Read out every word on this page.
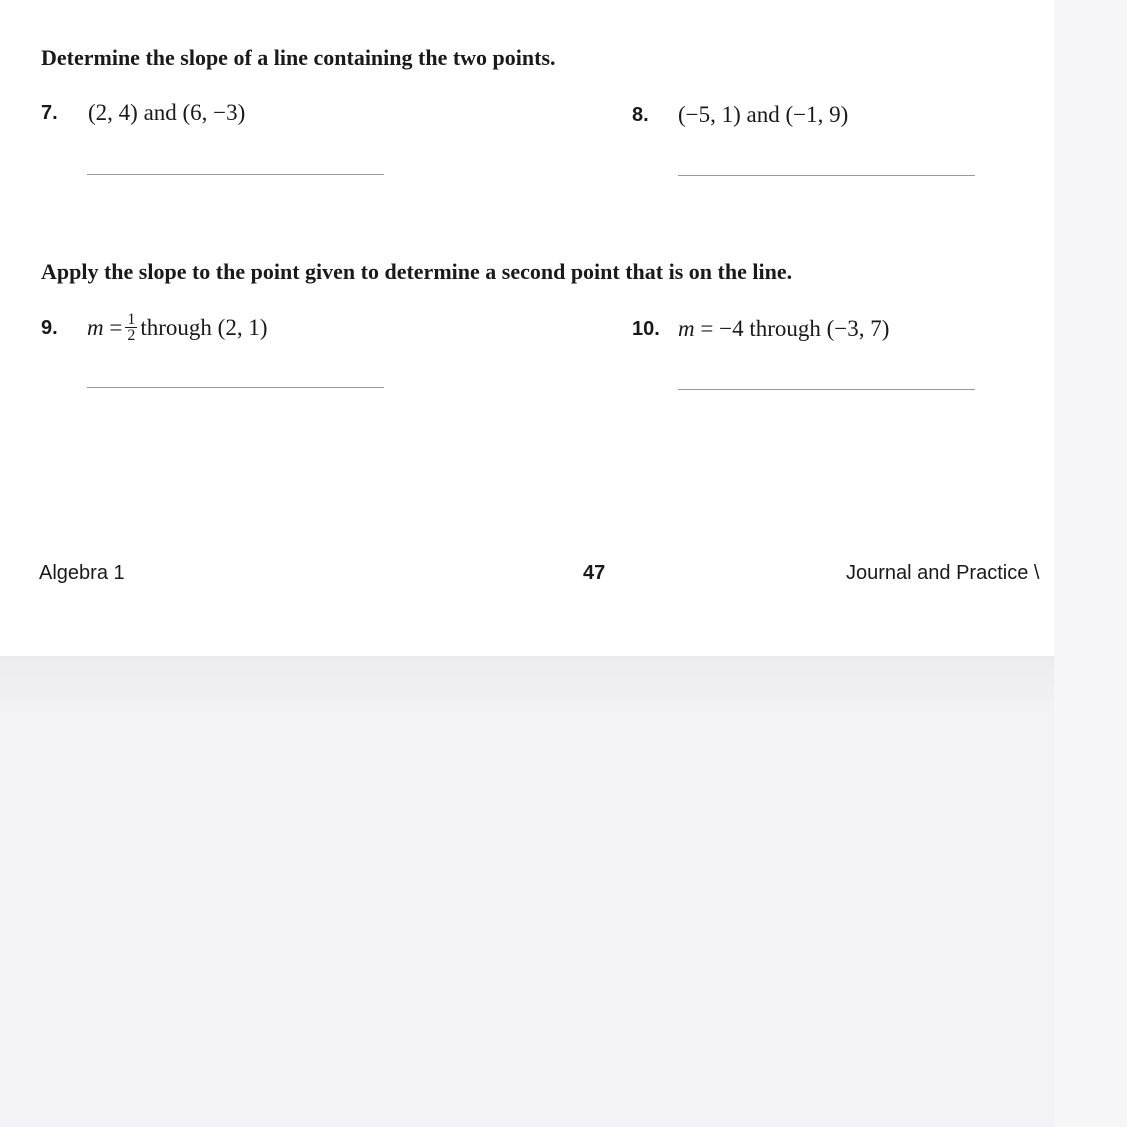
Determine the slope of a line containing the two points.
7. (2, 4) and (6, −3)	8. (−5, 1) and (−1, 9)
Apply the slope to the point given to determine a second point that is on the line.
9. $m = \frac{1}{2}$ through (2, 1)	10. m = −4 through (−3, 7)
Algebra 1	47	Journal and Practice \
